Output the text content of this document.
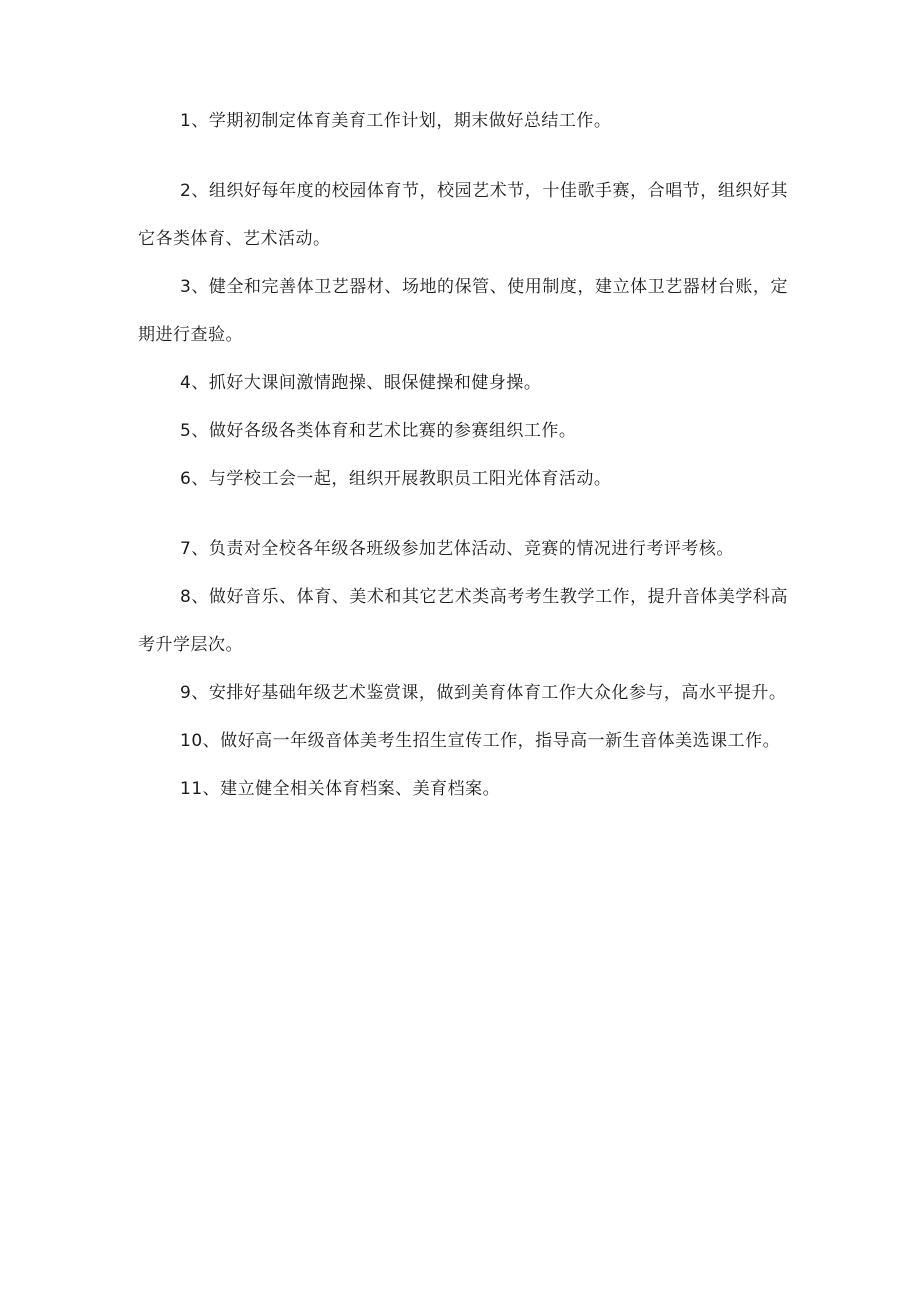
1、学期初制定体育美育工作计划，期末做好总结工作。

2、组织好每年度的校园体育节，校园艺术节，十佳歌手赛，合唱节，组织好其它各类体育、艺术活动。

3、健全和完善体卫艺器材、场地的保管、使用制度，建立体卫艺器材台账，定期进行查验。

4、抓好大课间激情跑操、眼保健操和健身操。

5、做好各级各类体育和艺术比赛的参赛组织工作。

6、与学校工会一起，组织开展教职员工阳光体育活动。

7、负责对全校各年级各班级参加艺体活动、竞赛的情况进行考评考核。

8、做好音乐、体育、美术和其它艺术类高考考生教学工作，提升音体美学科高考升学层次。

9、安排好基础年级艺术鉴赏课，做到美育体育工作大众化参与，高水平提升。

10、做好高一年级音体美考生招生宣传工作，指导高一新生音体美选课工作。

11、建立健全相关体育档案、美育档案。
